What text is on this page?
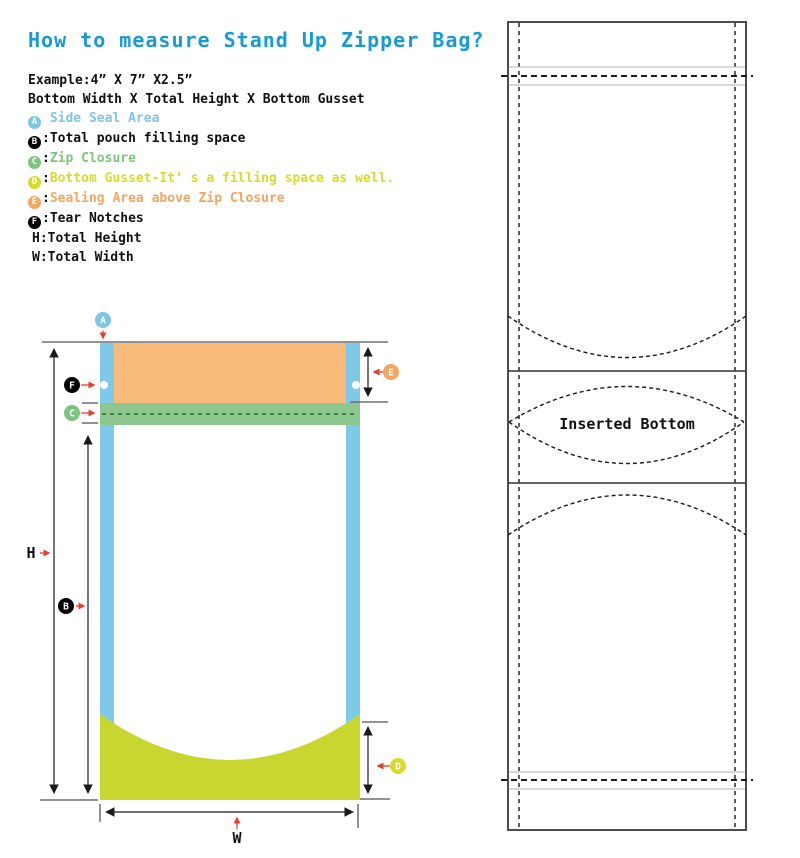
How to measure Stand Up Zipper Bag?
Example:4” X 7” X2.5”
Bottom Width X Total Height X Bottom Gusset
A Side Seal Area
B :Total pouch filling space
C :Zip Closure
D :Bottom Gusset-It’ s a filling space as well.
E :Sealing Area above Zip Closure
F :Tear Notches
H:Total Height
W:Total Width
A
F
C
B
E
D
H
W
Inserted Bottom
